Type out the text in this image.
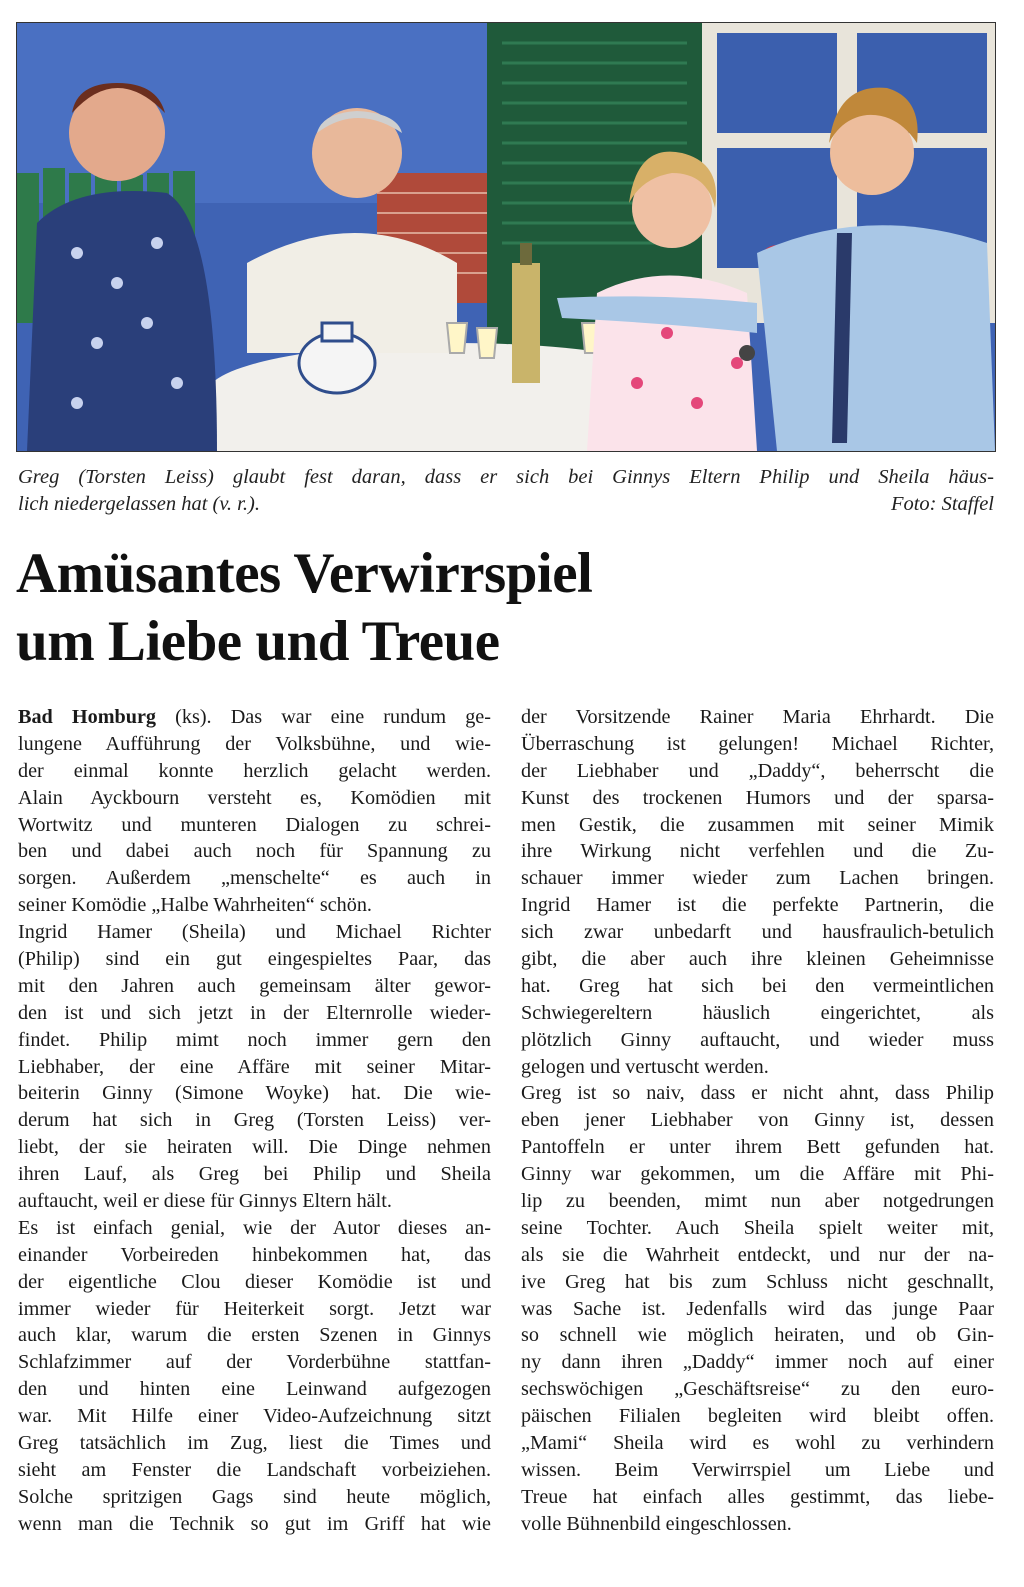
Greg (Torsten Leiss) glaubt fest daran, dass er sich bei Ginnys Eltern Philip und Sheila häus-
lich niedergelassen hat (v. r.).	Foto: Staffel
Amüsantes Verwirrspiel
um Liebe und Treue
Bad Homburg (ks). Das war eine rundum ge-
lungene Aufführung der Volksbühne, und wie-
der einmal konnte herzlich gelacht werden.
Alain Ayckbourn versteht es, Komödien mit
Wortwitz und munteren Dialogen zu schrei-
ben und dabei auch noch für Spannung zu
sorgen. Außerdem „menschelte“ es auch in
seiner Komödie „Halbe Wahrheiten“ schön.
Ingrid Hamer (Sheila) und Michael Richter
(Philip) sind ein gut eingespieltes Paar, das
mit den Jahren auch gemeinsam älter gewor-
den ist und sich jetzt in der Elternrolle wieder-
findet. Philip mimt noch immer gern den
Liebhaber, der eine Affäre mit seiner Mitar-
beiterin Ginny (Simone Woyke) hat. Die wie-
derum hat sich in Greg (Torsten Leiss) ver-
liebt, der sie heiraten will. Die Dinge nehmen
ihren Lauf, als Greg bei Philip und Sheila
auftaucht, weil er diese für Ginnys Eltern hält.
Es ist einfach genial, wie der Autor dieses an-
einander Vorbeireden hinbekommen hat, das
der eigentliche Clou dieser Komödie ist und
immer wieder für Heiterkeit sorgt. Jetzt war
auch klar, warum die ersten Szenen in Ginnys
Schlafzimmer auf der Vorderbühne stattfan-
den und hinten eine Leinwand aufgezogen
war. Mit Hilfe einer Video-Aufzeichnung sitzt
Greg tatsächlich im Zug, liest die Times und
sieht am Fenster die Landschaft vorbeiziehen.
Solche spritzigen Gags sind heute möglich,
wenn man die Technik so gut im Griff hat wie
der Vorsitzende Rainer Maria Ehrhardt. Die
Überraschung ist gelungen! Michael Richter,
der Liebhaber und „Daddy“, beherrscht die
Kunst des trockenen Humors und der sparsa-
men Gestik, die zusammen mit seiner Mimik
ihre Wirkung nicht verfehlen und die Zu-
schauer immer wieder zum Lachen bringen.
Ingrid Hamer ist die perfekte Partnerin, die
sich zwar unbedarft und hausfraulich-betulich
gibt, die aber auch ihre kleinen Geheimnisse
hat. Greg hat sich bei den vermeintlichen
Schwiegereltern häuslich eingerichtet, als
plötzlich Ginny auftaucht, und wieder muss
gelogen und vertuscht werden.
Greg ist so naiv, dass er nicht ahnt, dass Philip
eben jener Liebhaber von Ginny ist, dessen
Pantoffeln er unter ihrem Bett gefunden hat.
Ginny war gekommen, um die Affäre mit Phi-
lip zu beenden, mimt nun aber notgedrungen
seine Tochter. Auch Sheila spielt weiter mit,
als sie die Wahrheit entdeckt, und nur der na-
ive Greg hat bis zum Schluss nicht geschnallt,
was Sache ist. Jedenfalls wird das junge Paar
so schnell wie möglich heiraten, und ob Gin-
ny dann ihren „Daddy“ immer noch auf einer
sechswöchigen „Geschäftsreise“ zu den euro-
päischen Filialen begleiten wird bleibt offen.
„Mami“ Sheila wird es wohl zu verhindern
wissen. Beim Verwirrspiel um Liebe und
Treue hat einfach alles gestimmt, das liebe-
volle Bühnenbild eingeschlossen.
